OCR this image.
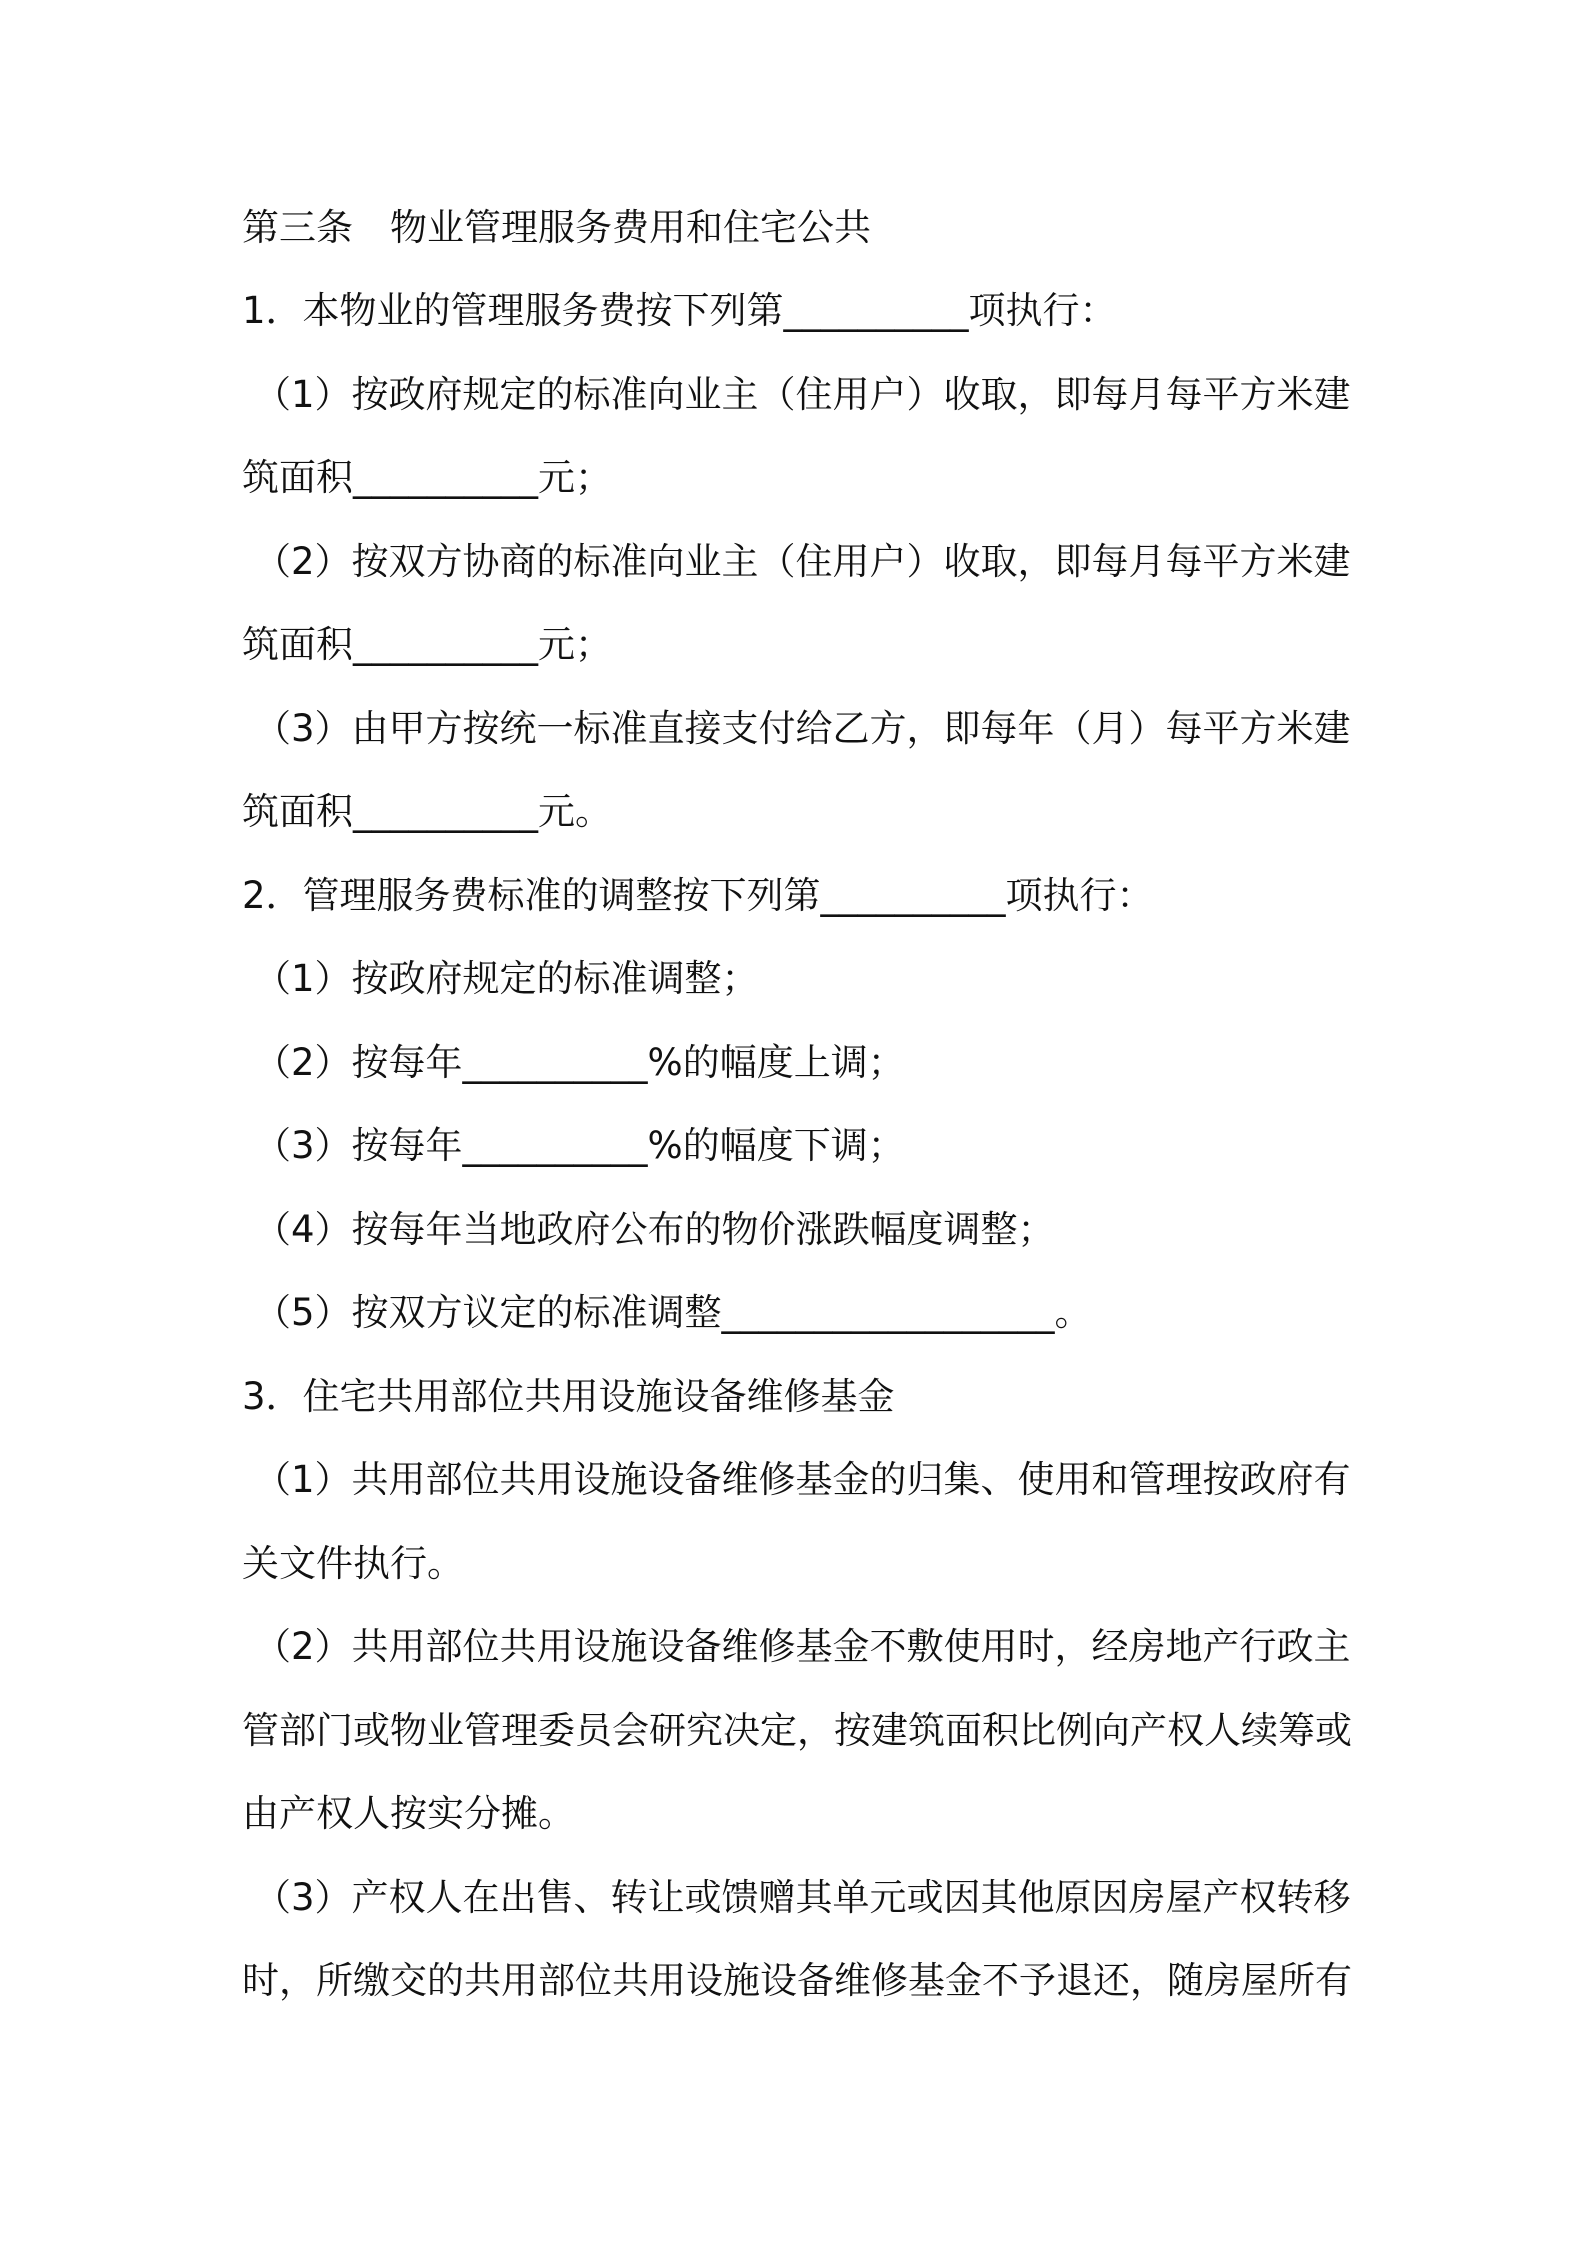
第三条　物业管理服务费用和住宅公共
1．本物业的管理服务费按下列第__________项执行：
（1）按政府规定的标准向业主（住用户）收取，即每月每平方米建
筑面积__________元；
（2）按双方协商的标准向业主（住用户）收取，即每月每平方米建
筑面积__________元；
（3）由甲方按统一标准直接支付给乙方，即每年（月）每平方米建
筑面积__________元。
2．管理服务费标准的调整按下列第__________项执行：
（1）按政府规定的标准调整；
（2）按每年__________%的幅度上调；
（3）按每年__________%的幅度下调；
（4）按每年当地政府公布的物价涨跌幅度调整；
（5）按双方议定的标准调整__________________。
3．住宅共用部位共用设施设备维修基金
（1）共用部位共用设施设备维修基金的归集、使用和管理按政府有
关文件执行。
（2）共用部位共用设施设备维修基金不敷使用时，经房地产行政主
管部门或物业管理委员会研究决定，按建筑面积比例向产权人续筹或
由产权人按实分摊。
（3）产权人在出售、转让或馈赠其单元或因其他原因房屋产权转移
时，所缴交的共用部位共用设施设备维修基金不予退还，随房屋所有
